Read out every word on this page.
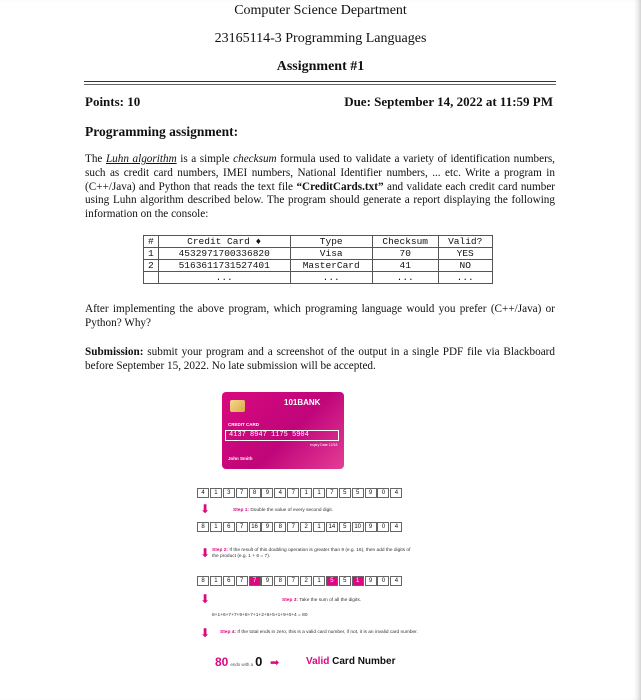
Computer Science Department
23165114-3 Programming Languages
Assignment #1
Points: 10	Due: September 14, 2022 at 11:59 PM
Programming assignment:

The Luhn algorithm is a simple checksum formula used to validate a variety of identification numbers, such as credit card numbers, IMEI numbers, National Identifier numbers, ... etc. Write a program in (C++/Java) and Python that reads the text file “CreditCards.txt” and validate each credit card number using Luhn algorithm described below. The program should generate a report displaying the following information on the console:

#	Credit Card ♦	Type	Checksum	Valid?
1	4532971700336820	Visa	70	YES
2	5163611731527401	MasterCard	41	NO
	...	...	...	...

After implementing the above program, which programing language would you prefer (C++/Java) or Python? Why?

Submission: submit your program and a screenshot of the output in a single PDF file via Blackboard before September 15, 2022. No late submission will be accepted.

101BANK
CREDIT CARD
4137 8947 1175 5904
expiry Date 12/18
John Smith
4	1	3	7	8	9	4	7	1	1	7	5	5	9	0	4
⬇	Step 1: Double the value of every second digit.
8	1	6	7	16	9	8	7	2	1	14	5	10	9	0	4
⬇ Step 2: If the result of this doubling operation is greater than 9 (e.g. 16), then add the digits of the product (e.g. 1 + 6 = 7).
8	1	6	7	7	9	8	7	2	1	5	5	1	9	0	4
⬇	Step 3: Take the sum of all the digits.
8+1+6+7+7+9+8+7+1+2+5+5+1+9+0+4 = 80
⬇ Step 4: If the total ends in zero, this is a valid card number, if not, it is an invalid card number.
80 ends with a 0 ➡	Valid Card Number
